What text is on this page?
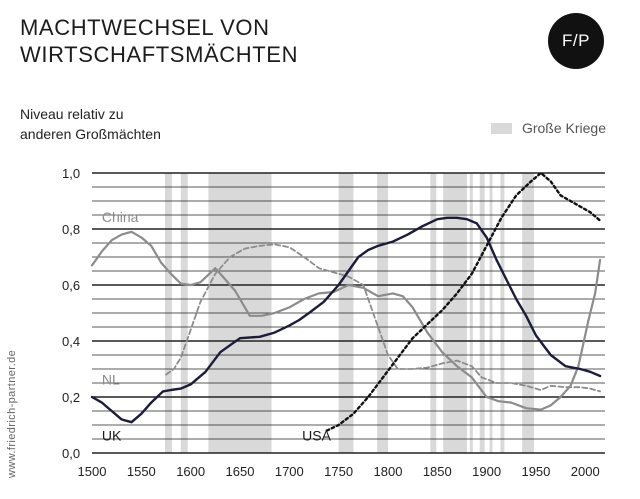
MACHTWECHSEL VON
WIRTSCHAFTSMÄCHTEN
F/P
Niveau relativ zu
anderen Großmächten	Große Kriege
www.friedrich-partner.de	1500 1550 1600 1650 1700 1750 1800 1850 1900 1950 2000
0,0
0,2
0,4
0,6
0,8
1,0
UK
China
NL
USA
